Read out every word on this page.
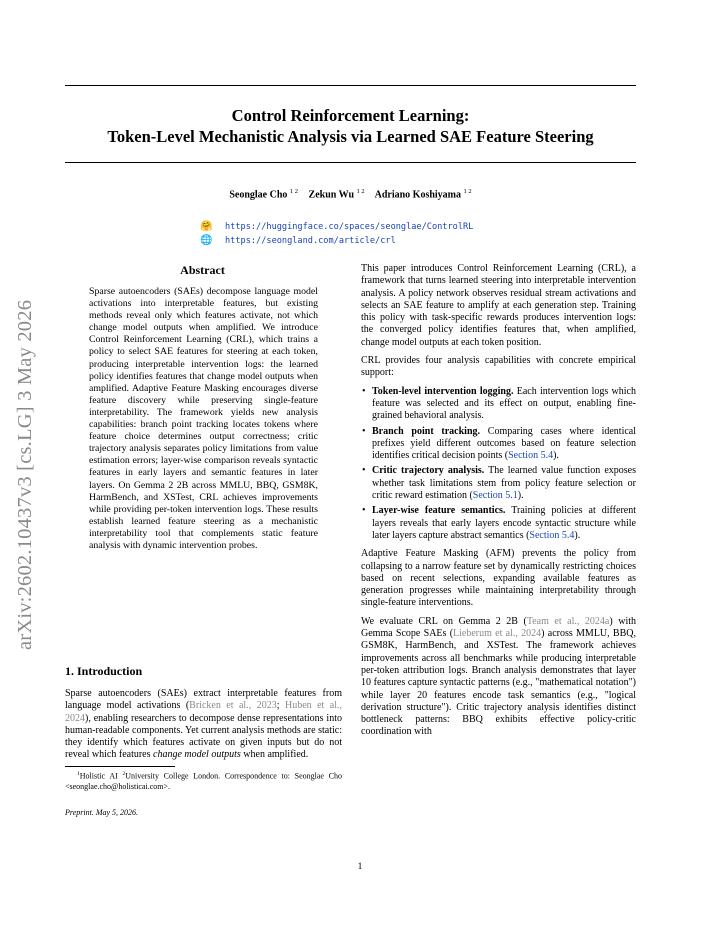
Control Reinforcement Learning:
Token-Level Mechanistic Analysis via Learned SAE Feature Steering
Seonglae Cho $^{1 2}$ Zekun Wu $^{1 2}$ Adriano Koshiyama $^{1 2}$
🤗 https://huggingface.co/spaces/seonglae/ControlRL
🌐 https://seongland.com/article/crl
arXiv:2602.10437v3 [cs.LG] 3 May 2026
Abstract
Sparse autoencoders (SAEs) decompose language model activations into interpretable features, but existing methods reveal only which features activate, not which change model outputs when amplified. We introduce Control Reinforcement Learning (CRL), which trains a policy to select SAE features for steering at each token, producing interpretable intervention logs: the learned policy identifies features that change model outputs when amplified. Adaptive Feature Masking encourages diverse feature discovery while preserving single-feature interpretability. The framework yields new analysis capabilities: branch point tracking locates tokens where feature choice determines output correctness; critic trajectory analysis separates policy limitations from value estimation errors; layer-wise comparison reveals syntactic features in early layers and semantic features in later layers. On Gemma 2 2B across MMLU, BBQ, GSM8K, HarmBench, and XSTest, CRL achieves improvements while providing per-token intervention logs. These results establish learned feature steering as a mechanistic interpretability tool that complements static feature analysis with dynamic intervention probes.
1. Introduction
Sparse autoencoders (SAEs) extract interpretable features from language model activations (Bricken et al., 2023; Huben et al., 2024), enabling researchers to decompose dense representations into human-readable components. Yet current analysis methods are static: they identify which features activate on given inputs but do not reveal which features change model outputs when amplified.
$^1$Holistic AI $^2$University College London. Correspondence to: Seonglae Cho <seonglae.cho@holisticai.com>.
Preprint. May 5, 2026.

This paper introduces Control Reinforcement Learning (CRL), a framework that turns learned steering into interpretable intervention analysis. A policy network observes residual stream activations and selects an SAE feature to amplify at each generation step. Training this policy with task-specific rewards produces intervention logs: the converged policy identifies features that, when amplified, change model outputs at each token position.

CRL provides four analysis capabilities with concrete empirical support:

• Token-level intervention logging. Each intervention logs which feature was selected and its effect on output, enabling fine-grained behavioral analysis.
• Branch point tracking. Comparing cases where identical prefixes yield different outcomes based on feature selection identifies critical decision points (Section 5.4).
• Critic trajectory analysis. The learned value function exposes whether task limitations stem from policy feature selection or critic reward estimation (Section 5.1).
• Layer-wise feature semantics. Training policies at different layers reveals that early layers encode syntactic structure while later layers capture abstract semantics (Section 5.4).

Adaptive Feature Masking (AFM) prevents the policy from collapsing to a narrow feature set by dynamically restricting choices based on recent selections, expanding available features as generation progresses while maintaining interpretability through single-feature interventions.

We evaluate CRL on Gemma 2 2B (Team et al., 2024a) with Gemma Scope SAEs (Lieberum et al., 2024) across MMLU, BBQ, GSM8K, HarmBench, and XSTest. The framework achieves improvements across all benchmarks while producing interpretable per-token attribution logs. Branch analysis demonstrates that layer 10 features capture syntactic patterns (e.g., "mathematical notation") while layer 20 features encode task semantics (e.g., "logical derivation structure"). Critic trajectory analysis identifies distinct bottleneck patterns: BBQ exhibits effective policy-critic coordination with

1
